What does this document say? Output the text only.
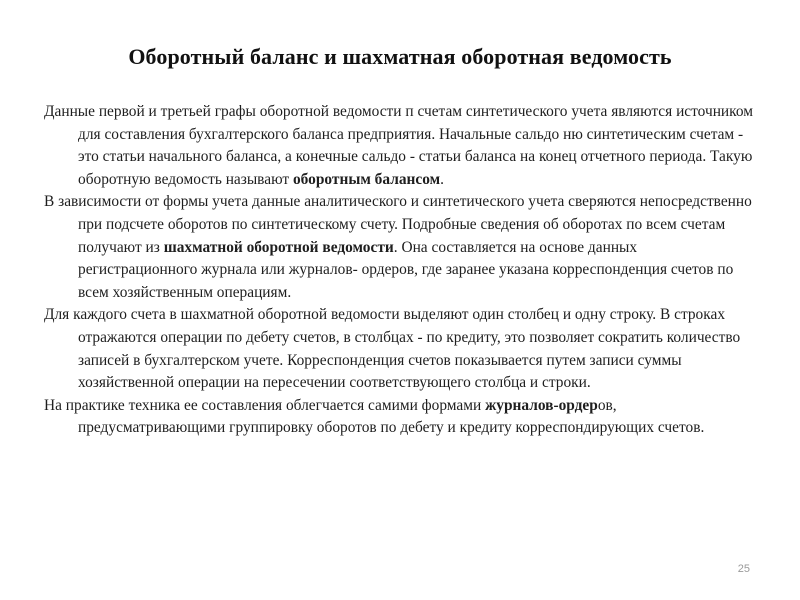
Оборотный баланс и шахматная оборотная ведомость

Данные первой и третьей графы оборотной ведомости п счетам синтетического учета являются источником для составления бухгалтерского баланса предприятия. Начальные сальдо ню синтетическим счетам - это статьи начального баланса, а конечные сальдо - статьи баланса на конец отчетного периода. Такую оборотную ведомость называют оборотным балансом.

В зависимости от формы учета данные аналитического и синтетического учета сверяются непосредственно при подсчете оборотов по синтетическому счету. Подробные сведения об оборотах по всем счетам получают из шахматной оборотной ведомости. Она составляется на основе данных регистрационного журнала или журналов- ордеров, где заранее указана корреспонденция счетов по всем хозяйственным операциям.

Для каждого счета в шахматной оборотной ведомости выделяют один столбец и одну строку. В строках отражаются операции по дебету счетов, в столбцах - по кредиту, это позволяет сократить количество записей в бухгалтерском учете. Корреспонденция счетов показывается путем записи суммы хозяйственной операции на пересечении соответствующего столбца и строки.

На практике техника ее составления облегчается самими формами журналов-ордеров, предусматривающими группировку оборотов по дебету и кредиту корреспондирующих счетов.

25
